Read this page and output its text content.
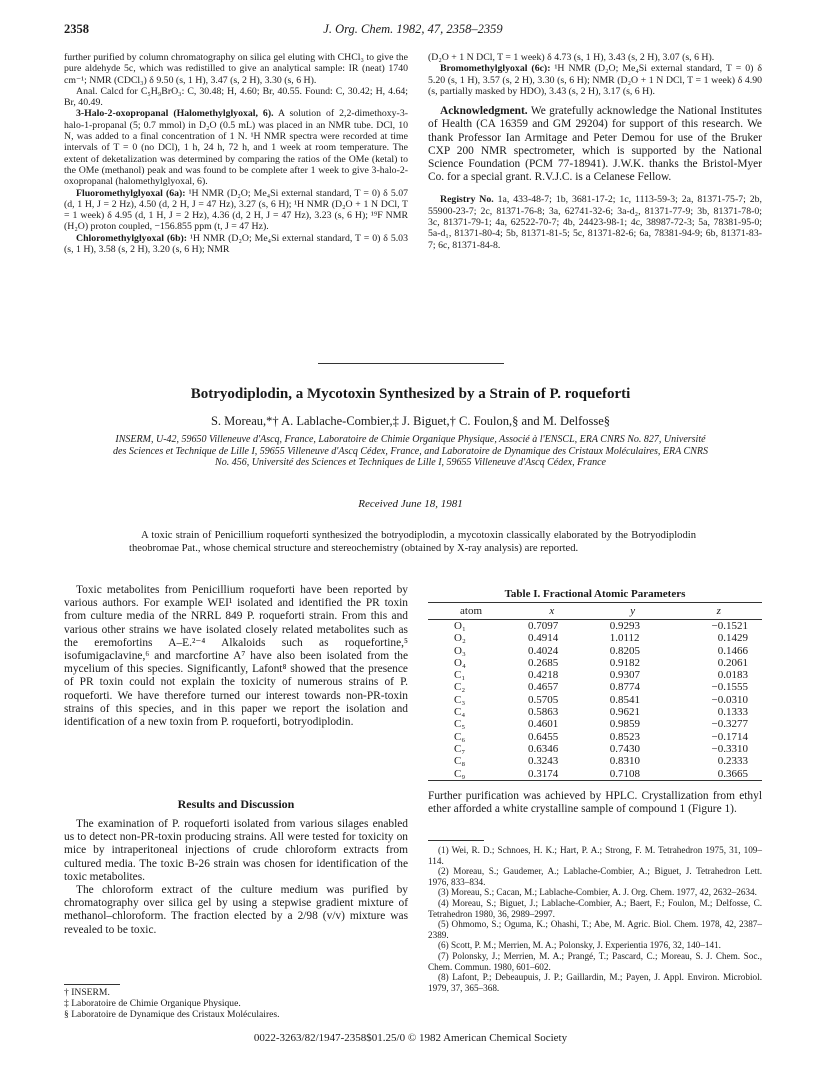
2358	J. Org. Chem. 1982, 47, 2358–2359

further purified by column chromatography on silica gel eluting with CHCl₃ to give the pure aldehyde 5c, which was redistilled to give an analytical sample: IR (neat) 1740 cm⁻¹; NMR (CDCl₃) δ 9.50 (s, 1 H), 3.47 (s, 2 H), 3.30 (s, 6 H).

Anal. Calcd for C₅H₉BrO₃: C, 30.48; H, 4.60; Br, 40.55. Found: C, 30.42; H, 4.64; Br, 40.49.

3-Halo-2-oxopropanal (Halomethylglyoxal, 6). A solution of 2,2-dimethoxy-3-halo-1-propanal (5; 0.7 mmol) in D₂O (0.5 mL) was placed in an NMR tube. DCl, 10 N, was added to a final concentration of 1 N. ¹H NMR spectra were recorded at time intervals of T = 0 (no DCl), 1 h, 24 h, 72 h, and 1 week at room temperature. The extent of deketalization was determined by comparing the ratios of the OMe (ketal) to the OMe (methanol) peak and was found to be complete after 1 week to give 3-halo-2-oxopropanal (halomethylglyoxal, 6).

Fluoromethylglyoxal (6a): ¹H NMR (D₂O; Me₄Si external standard, T = 0) δ 5.07 (d, 1 H, J = 2 Hz), 4.50 (d, 2 H, J = 47 Hz), 3.27 (s, 6 H); ¹H NMR (D₂O + 1 N DCl, T = 1 week) δ 4.95 (d, 1 H, J = 2 Hz), 4.36 (d, 2 H, J = 47 Hz), 3.23 (s, 6 H); ¹⁹F NMR (H₂O) proton coupled, −156.855 ppm (t, J = 47 Hz).

Chloromethylglyoxal (6b): ¹H NMR (D₂O; Me₄Si external standard, T = 0) δ 5.03 (s, 1 H), 3.58 (s, 2 H), 3.20 (s, 6 H); NMR

(D₂O + 1 N DCl, T = 1 week) δ 4.73 (s, 1 H), 3.43 (s, 2 H), 3.07 (s, 6 H).

Bromomethylglyoxal (6c): ¹H NMR (D₂O; Me₄Si external standard, T = 0) δ 5.20 (s, 1 H), 3.57 (s, 2 H), 3.30 (s, 6 H); NMR (D₂O + 1 N DCl, T = 1 week) δ 4.90 (s, partially masked by HDO), 3.43 (s, 2 H), 3.17 (s, 6 H).

Acknowledgment. We gratefully acknowledge the National Institutes of Health (CA 16359 and GM 29204) for support of this research. We thank Professor Ian Armitage and Peter Demou for use of the Bruker CXP 200 NMR spectrometer, which is supported by the National Science Foundation (PCM 77-18941). J.W.K. thanks the Bristol-Myer Co. for a special grant. R.V.J.C. is a Celanese Fellow.

Registry No. 1a, 433-48-7; 1b, 3681-17-2; 1c, 1113-59-3; 2a, 81371-75-7; 2b, 55900-23-7; 2c, 81371-76-8; 3a, 62741-32-6; 3a-d₂, 81371-77-9; 3b, 81371-78-0; 3c, 81371-79-1; 4a, 62522-70-7; 4b, 24423-98-1; 4c, 38987-72-3; 5a, 78381-95-0; 5a-d₁, 81371-80-4; 5b, 81371-81-5; 5c, 81371-82-6; 6a, 78381-94-9; 6b, 81371-83-7; 6c, 81371-84-8.

Botryodiplodin, a Mycotoxin Synthesized by a Strain of P. roqueforti
S. Moreau,*† A. Lablache-Combier,‡ J. Biguet,† C. Foulon,§ and M. Delfosse§
INSERM, U-42, 59650 Villeneuve d'Ascq, France, Laboratoire de Chimie Organique Physique, Associé à l'ENSCL, ERA CNRS No. 827, Université des Sciences et Technique de Lille I, 59655 Villeneuve d'Ascq Cédex, France, and Laboratoire de Dynamique des Cristaux Moléculaires, ERA CNRS No. 456, Université des Sciences et Techniques de Lille I, 59655 Villeneuve d'Ascq Cédex, France
Received June 18, 1981

A toxic strain of Penicillium roqueforti synthesized the botryodiplodin, a mycotoxin classically elaborated by the Botryodiplodin theobromae Pat., whose chemical structure and stereochemistry (obtained by X-ray analysis) are reported.

Toxic metabolites from Penicillium roqueforti have been reported by various authors. For example WEI¹ isolated and identified the PR toxin from culture media of the NRRL 849 P. roqueforti strain. From this and various other strains we have isolated closely related metabolites such as the eremofortins A–E.²⁻⁴ Alkaloids such as roquefortine,⁵ isofumigaclavine,⁶ and marcfortine A⁷ have also been isolated from the mycelium of this species. Significantly, Lafont⁸ showed that the presence of PR toxin could not explain the toxicity of numerous strains of P. roqueforti. We have therefore turned our interest towards non-PR-toxin strains of this species, and in this paper we report the isolation and identification of a new toxin from P. roqueforti, botryodiplodin.

Results and Discussion

The examination of P. roqueforti isolated from various silages enabled us to detect non-PR-toxin producing strains. All were tested for toxicity on mice by intraperitoneal injections of crude chloroform extracts from cultured media. The toxic B-26 strain was chosen for identification of the toxic metabolites.

The chloroform extract of the culture medium was purified by chromatography over silica gel by using a stepwise gradient mixture of methanol–chloroform. The fraction elected by a 2/98 (v/v) mixture was revealed to be toxic.

† INSERM.
‡ Laboratoire de Chimie Organique Physique.
§ Laboratoire de Dynamique des Cristaux Moléculaires.
Table I. Fractional Atomic Parameters
atom	x	y	z
O₁	0.7097	0.9293	−0.1521
O₂	0.4914	1.0112	0.1429
O₃	0.4024	0.8205	0.1466
O₄	0.2685	0.9182	0.2061
C₁	0.4218	0.9307	0.0183
C₂	0.4657	0.8774	−0.1555
C₃	0.5705	0.8541	−0.0310
C₄	0.5863	0.9621	0.1333
C₅	0.4601	0.9859	−0.3277
C₆	0.6455	0.8523	−0.1714
C₇	0.6346	0.7430	−0.3310
C₈	0.3243	0.8310	0.2333
C₉	0.3174	0.7108	0.3665

Further purification was achieved by HPLC. Crystallization from ethyl ether afforded a white crystalline sample of compound 1 (Figure 1).

(1) Wei, R. D.; Schnoes, H. K.; Hart, P. A.; Strong, F. M. Tetrahedron 1975, 31, 109–114.

(2) Moreau, S.; Gaudemer, A.; Lablache-Combier, A.; Biguet, J. Tetrahedron Lett. 1976, 833–834.

(3) Moreau, S.; Cacan, M.; Lablache-Combier, A. J. Org. Chem. 1977, 42, 2632–2634.

(4) Moreau, S.; Biguet, J.; Lablache-Combier, A.; Baert, F.; Foulon, M.; Delfosse, C. Tetrahedron 1980, 36, 2989–2997.

(5) Ohmomo, S.; Oguma, K.; Ohashi, T.; Abe, M. Agric. Biol. Chem. 1978, 42, 2387–2389.

(6) Scott, P. M.; Merrien, M. A.; Polonsky, J. Experientia 1976, 32, 140–141.

(7) Polonsky, J.; Merrien, M. A.; Prangé, T.; Pascard, C.; Moreau, S. J. Chem. Soc., Chem. Commun. 1980, 601–602.

(8) Lafont, P.; Debeaupuis, J. P.; Gaillardin, M.; Payen, J. Appl. Environ. Microbiol. 1979, 37, 365–368.

0022-3263/82/1947-2358$01.25/0 © 1982 American Chemical Society
